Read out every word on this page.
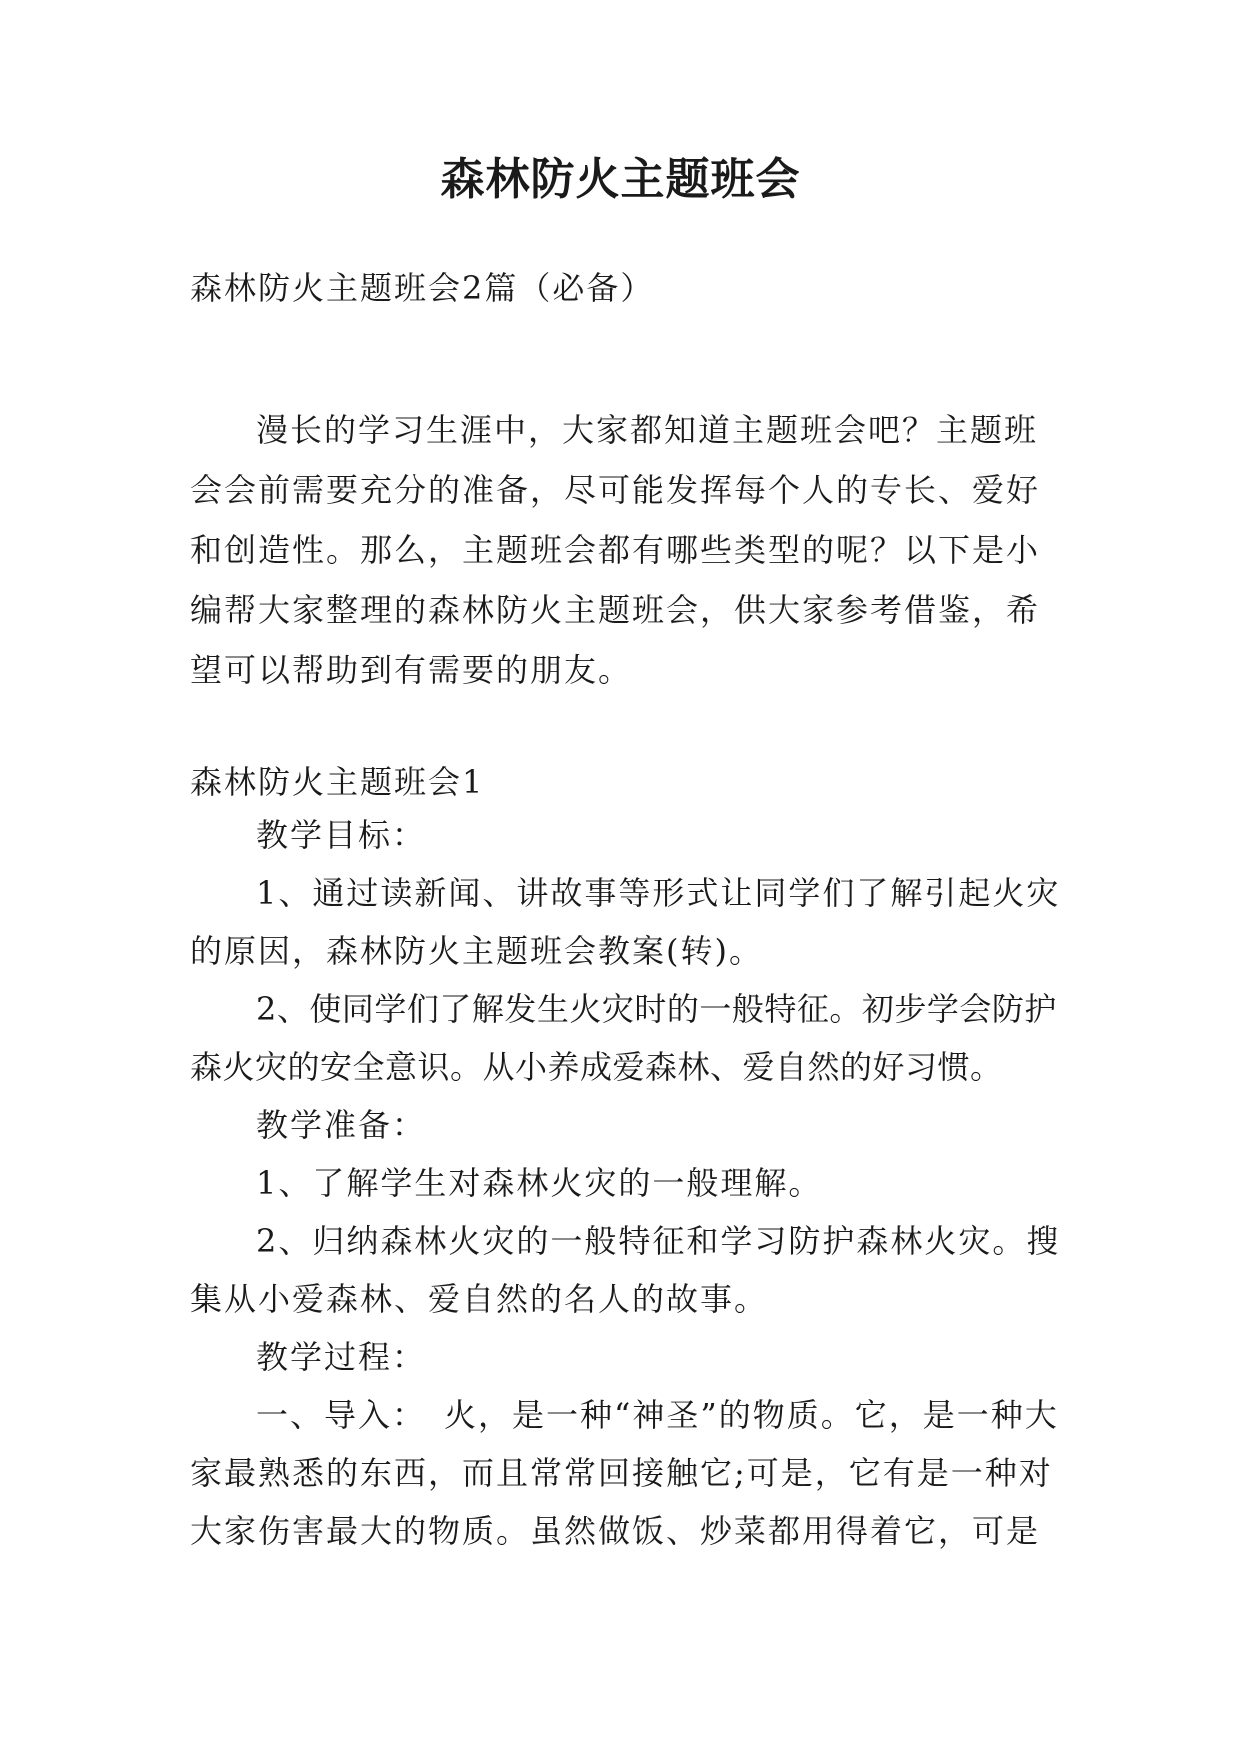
森林防火主题班会

森林防火主题班会2篇（必备）

漫长的学习生涯中，大家都知道主题班会吧？主题班会会前需要充分的准备，尽可能发挥每个人的专长、爱好和创造性。那么，主题班会都有哪些类型的呢？以下是小编帮大家整理的森林防火主题班会，供大家参考借鉴，希望可以帮助到有需要的朋友。

森林防火主题班会1

教学目标：

1、通过读新闻、讲故事等形式让同学们了解引起火灾的原因，森林防火主题班会教案(转)。

2、使同学们了解发生火灾时的一般特征。初步学会防护森火灾的安全意识。从小养成爱森林、爱自然的好习惯。

教学准备：

1、了解学生对森林火灾的一般理解。

2、归纳森林火灾的一般特征和学习防护森林火灾。搜集从小爱森林、爱自然的名人的故事。

教学过程：

一、导入：　火，是一种“神圣”的物质。它，是一种大家最熟悉的东西，而且常常回接触它;可是，它有是一种对大家伤害最大的物质。虽然做饭、炒菜都用得着它，可是
